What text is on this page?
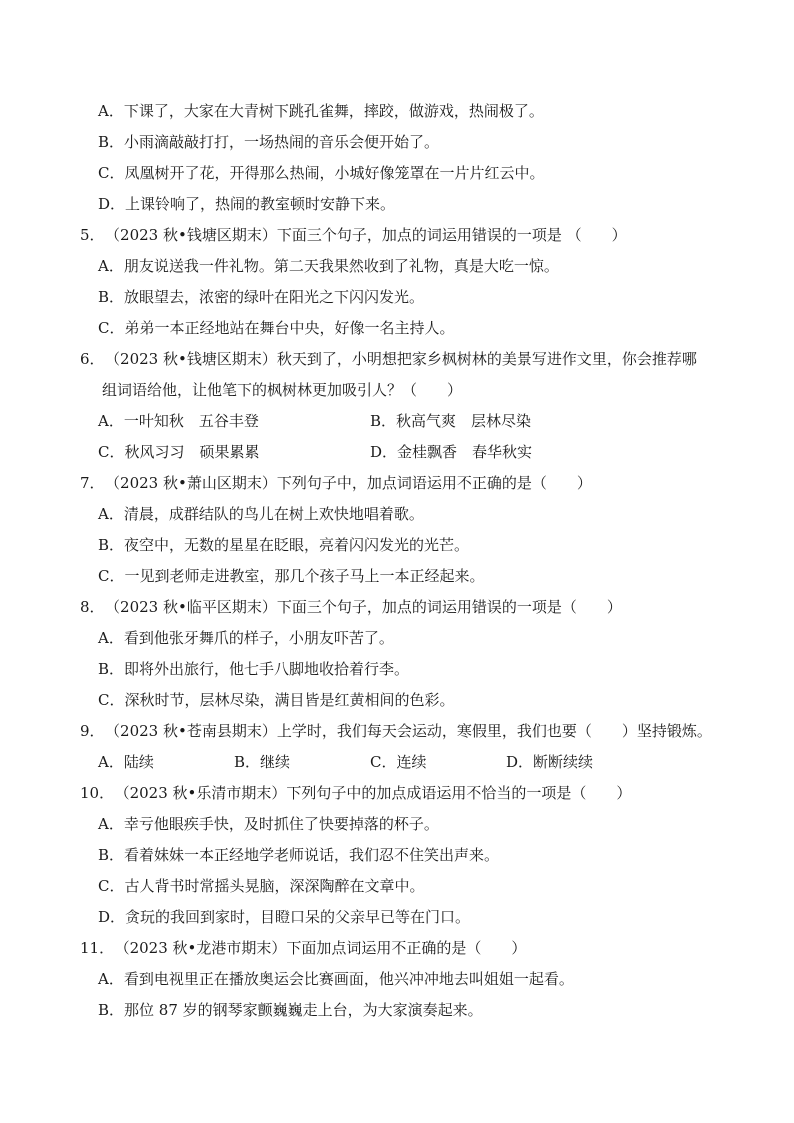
A．下课了，大家在大青树下跳孔雀舞，摔跤，做游戏，热闹极了。
B．小雨滴敲敲打打，一场热闹的音乐会便开始了。
C．凤凰树开了花，开得那么热闹，小城好像笼罩在一片片红云中。
D．上课铃响了，热闹的教室顿时安静下来。
5． （2023 秋•钱塘区期末）下面三个句子，加点的词运用错误的一项是 （　　）
A．朋友说送我一件礼物。第二天我果然收到了礼物，真是大吃一惊。
B．放眼望去，浓密的绿叶在阳光之下闪闪发光。
C．弟弟一本正经地站在舞台中央，好像一名主持人。
6． （2023 秋•钱塘区期末）秋天到了，小明想把家乡枫树林的美景写进作文里，你会推荐哪
组词语给他，让他笔下的枫树林更加吸引人？（　　）
A．一叶知秋　五谷丰登	B．秋高气爽　层林尽染
C．秋风习习　硕果累累	D．金桂飘香　春华秋实
7． （2023 秋•萧山区期末）下列句子中，加点词语运用不正确的是（　　）
A．清晨，成群结队的鸟儿在树上欢快地唱着歌。
B．夜空中，无数的星星在眨眼，亮着闪闪发光的光芒。
C．一见到老师走进教室，那几个孩子马上一本正经起来。
8． （2023 秋•临平区期末）下面三个句子，加点的词运用错误的一项是（　　）
A．看到他张牙舞爪的样子，小朋友吓苦了。
B．即将外出旅行，他七手八脚地收拾着行李。
C．深秋时节，层林尽染，满目皆是红黄相间的色彩。
9． （2023 秋•苍南县期末）上学时，我们每天会运动，寒假里，我们也要（　　）坚持锻炼。
A．陆续	B．继续	C．连续	D．断断续续
10． （2023 秋•乐清市期末）下列句子中的加点成语运用不恰当的一项是（　　）
A．幸亏他眼疾手快，及时抓住了快要掉落的杯子。
B．看着妹妹一本正经地学老师说话，我们忍不住笑出声来。
C．古人背书时常摇头晃脑，深深陶醉在文章中。
D．贪玩的我回到家时，目瞪口呆的父亲早已等在门口。
11． （2023 秋•龙港市期末）下面加点词运用不正确的是（　　）
A．看到电视里正在播放奥运会比赛画面，他兴冲冲地去叫姐姐一起看。
B．那位 87 岁的钢琴家颤巍巍走上台，为大家演奏起来。
